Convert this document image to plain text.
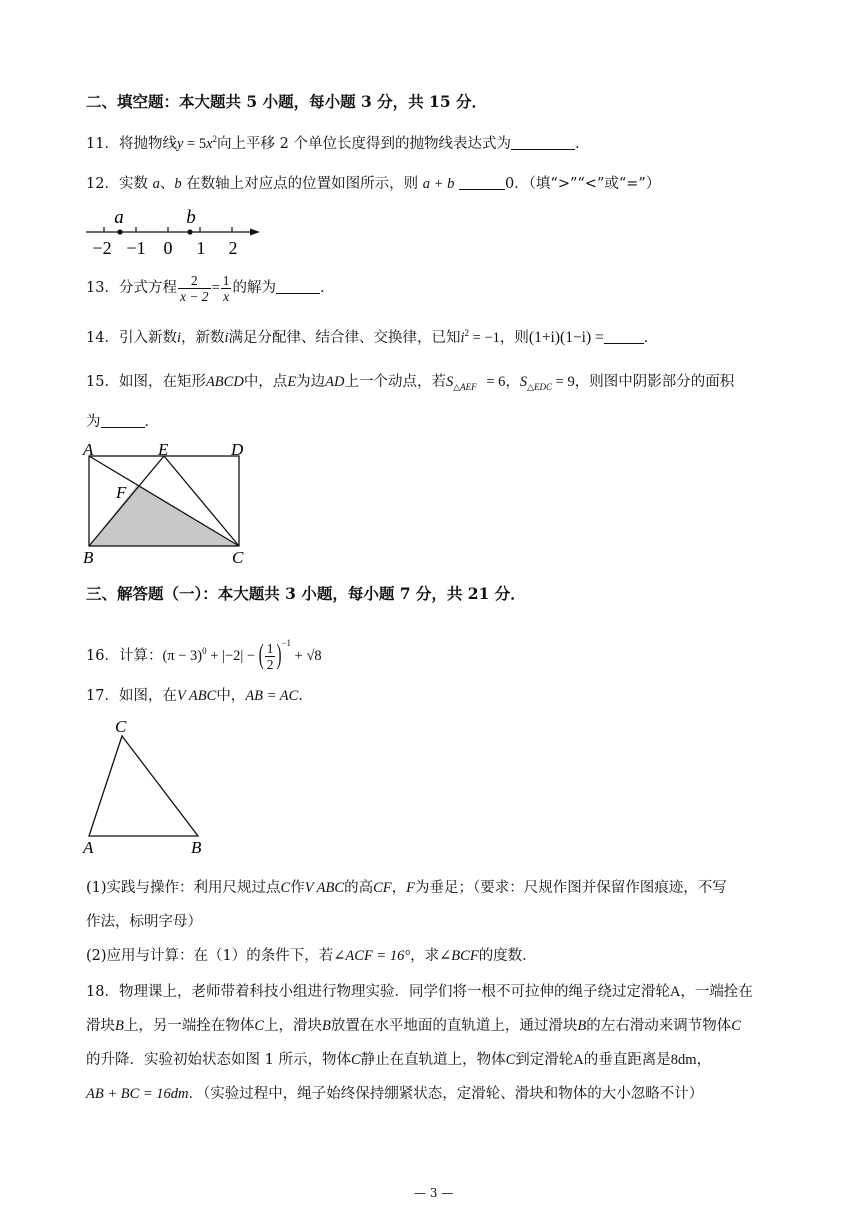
二、填空题：本大题共 5 小题，每小题 3 分，共 15 分．
11．将抛物线$y = 5x^2$向上平移 2 个单位长度得到的抛物线表达式为	．
12．实数 a、b 在数轴上对应点的位置如图所示，则 a + b	0．（填“>”“<”或“=”）
a	b
−2 −1 0 1 2
13．分式方程 $\frac{2}{x - 2} = \frac{1}{x}$ 的解为	．
14．引入新数i，新数i满足分配律、结合律、交换律，已知$i^2 = -1$，则(1+i)(1−i) =	．
15．如图，在矩形ABCD中，点E为边AD上一个动点，若$S_{\triangle AEF} = 6$，$S_{\triangle EDC} = 9$，则图中阴影部分的面积
为	．
A	E	D
F
B	C
三、解答题（一）：本大题共 3 小题，每小题 7 分，共 21 分．
16．计算：$(\pi - 3)^0 + |-2|$ − ( $\frac{1}{2} )^{-1} + √8$
17．如图，在V ABC中，AB = AC．
C
A	B
(1)实践与操作：利用尺规过点C作V ABC的高CF，F为垂足；（要求：尺规作图并保留作图痕迹，不写
作法，标明字母）
(2)应用与计算：在（1）的条件下，若∠ACF = 16°，求∠BCF的度数．
18．物理课上，老师带着科技小组进行物理实验．同学们将一根不可拉伸的绳子绕过定滑轮A，一端拴在
滑块B上，另一端拴在物体C上，滑块B放置在水平地面的直轨道上，通过滑块B的左右滑动来调节物体C
的升降．实验初始状态如图 1 所示，物体C静止在直轨道上，物体C到定滑轮A的垂直距离是8dm，
AB + BC = 16dm．（实验过程中，绳子始终保持绷紧状态，定滑轮、滑块和物体的大小忽略不计）
— 3 —
